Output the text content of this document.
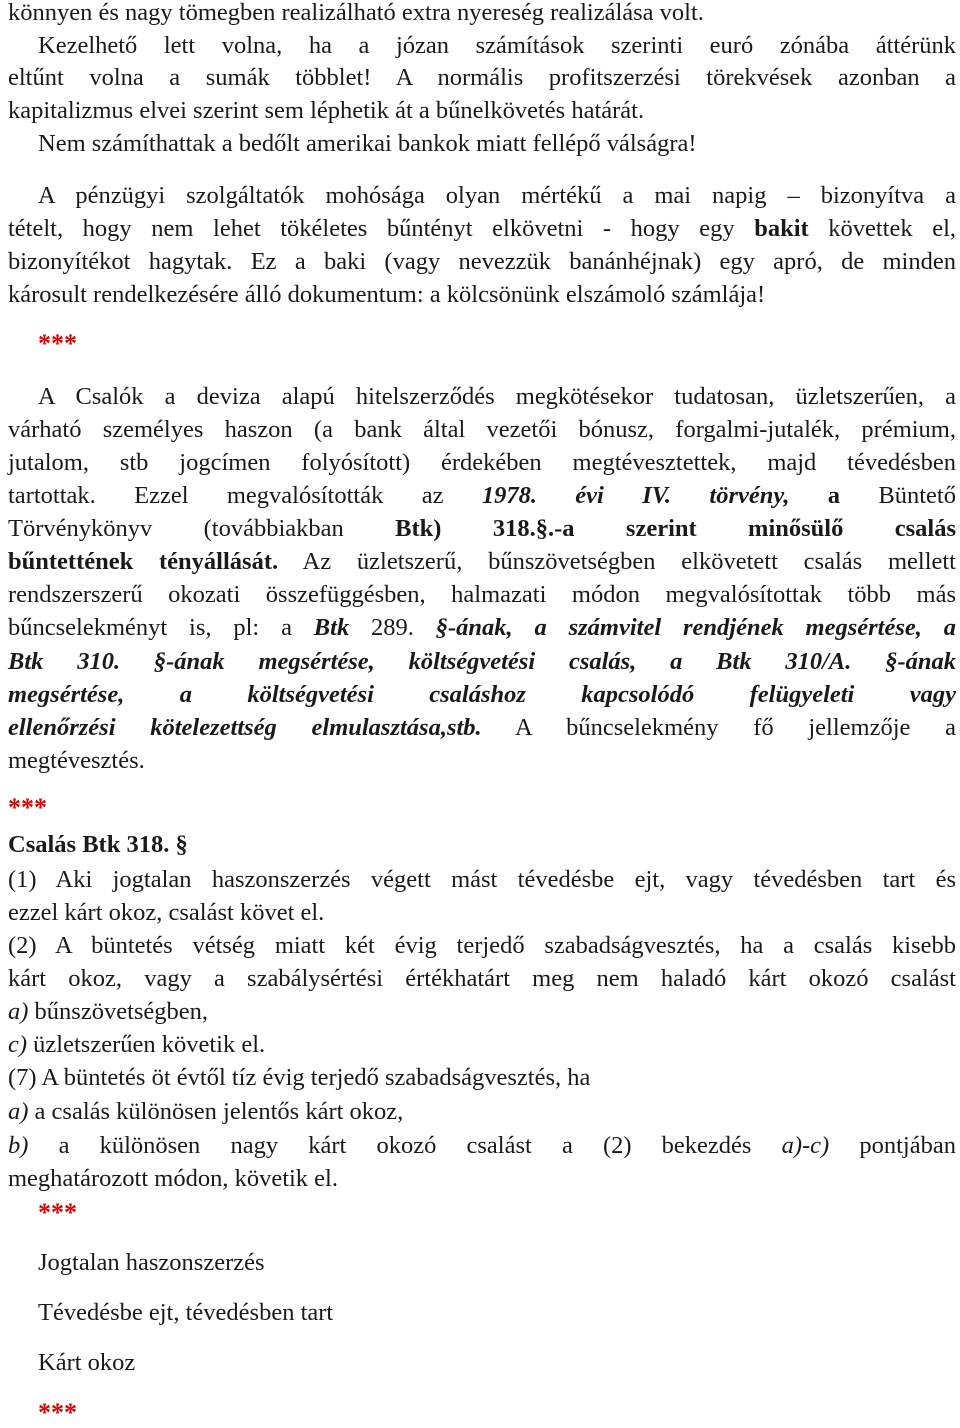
könnyen és nagy tömegben realizálható extra nyereség realizálása volt.
Kezelhető lett volna, ha a józan számítások szerinti euró zónába áttérünk
eltűnt volna a sumák többlet! A normális profitszerzési törekvések azonban a
kapitalizmus elvei szerint sem léphetik át a bűnelkövetés határát.
Nem számíthattak a bedőlt amerikai bankok miatt fellépő válságra!
A pénzügyi szolgáltatók mohósága olyan mértékű a mai napig – bizonyítva a
tételt, hogy nem lehet tökéletes bűntényt elkövetni - hogy egy bakit követtek el,
bizonyítékot hagytak. Ez a baki (vagy nevezzük banánhéjnak) egy apró, de minden
károsult rendelkezésére álló dokumentum: a kölcsönünk elszámoló számlája!
***
A Csalók a deviza alapú hitelszerződés megkötésekor tudatosan, üzletszerűen, a
várható személyes haszon (a bank által vezetői bónusz, forgalmi-jutalék, prémium,
jutalom, stb jogcímen folyósított) érdekében megtévesztettek, majd tévedésben
tartottak. Ezzel megvalósították az 1978. évi IV. törvény, a Büntető
Törvénykönyv (továbbiakban Btk) 318.§.-a szerint minősülő csalás
bűntettének tényállását. Az üzletszerű, bűnszövetségben elkövetett csalás mellett
rendszerszerű okozati összefüggésben, halmazati módon megvalósítottak több más
bűncselekményt is, pl: a Btk 289. §-ának, a számvitel rendjének megsértése, a
Btk 310. §-ának megsértése, költségvetési csalás, a Btk 310/A. §-ának
megsértése, a költségvetési csaláshoz kapcsolódó felügyeleti vagy
ellenőrzési kötelezettség elmulasztása,stb. A bűncselekmény fő jellemzője a
megtévesztés.
***
Csalás Btk 318. §
(1) Aki jogtalan haszonszerzés végett mást tévedésbe ejt, vagy tévedésben tart és
ezzel kárt okoz, csalást követ el.
(2) A büntetés vétség miatt két évig terjedő szabadságvesztés, ha a csalás kisebb
kárt okoz, vagy a szabálysértési értékhatárt meg nem haladó kárt okozó csalást
a) bűnszövetségben,
c) üzletszerűen követik el.
(7) A büntetés öt évtől tíz évig terjedő szabadságvesztés, ha
a) a csalás különösen jelentős kárt okoz,
b) a különösen nagy kárt okozó csalást a (2) bekezdés a)-c) pontjában
meghatározott módon, követik el.
***
Jogtalan haszonszerzés
Tévedésbe ejt, tévedésben tart
Kárt okoz
***
